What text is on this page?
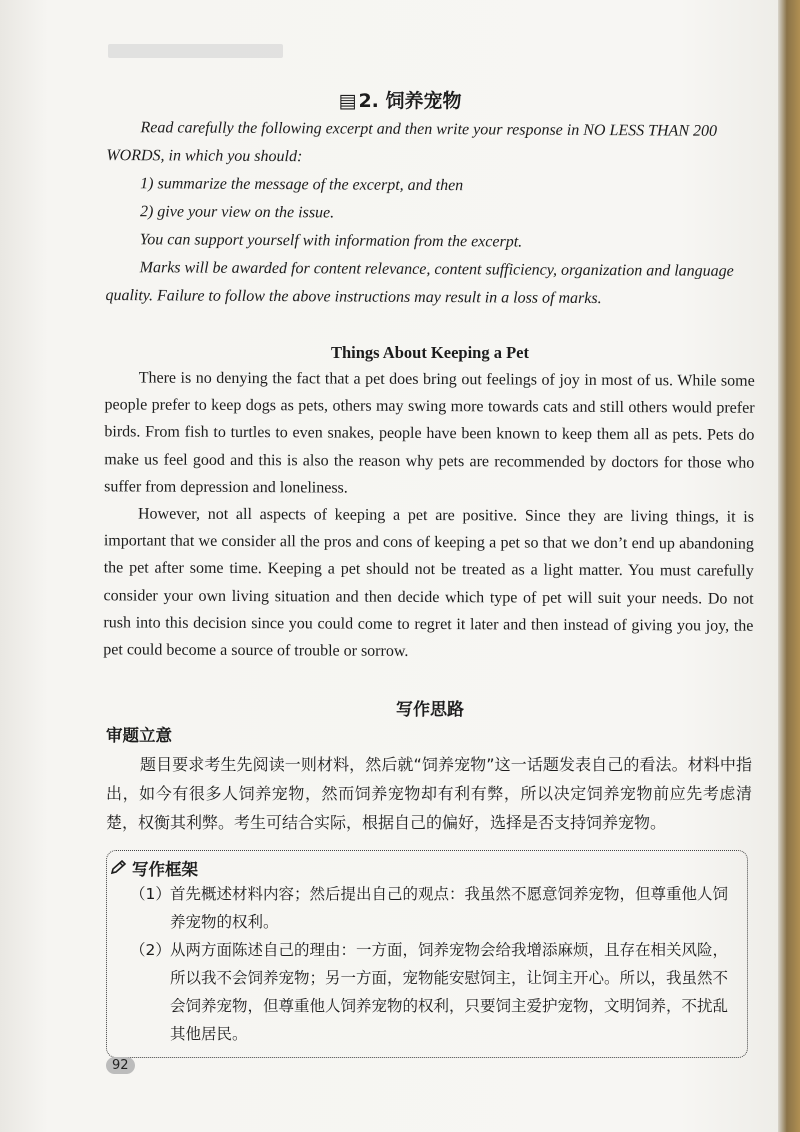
▤ 2. 饲养宠物

Read carefully the following excerpt and then write your response in NO LESS THAN 200 WORDS, in which you should:

1) summarize the message of the excerpt, and then

2) give your view on the issue.

You can support yourself with information from the excerpt.

Marks will be awarded for content relevance, content sufficiency, organization and language quality. Failure to follow the above instructions may result in a loss of marks.

Things About Keeping a Pet

There is no denying the fact that a pet does bring out feelings of joy in most of us. While some people prefer to keep dogs as pets, others may swing more towards cats and still others would prefer birds. From fish to turtles to even snakes, people have been known to keep them all as pets. Pets do make us feel good and this is also the reason why pets are recommended by doctors for those who suffer from depression and loneliness.

However, not all aspects of keeping a pet are positive. Since they are living things, it is important that we consider all the pros and cons of keeping a pet so that we don’t end up abandoning the pet after some time. Keeping a pet should not be treated as a light matter. You must carefully consider your own living situation and then decide which type of pet will suit your needs. Do not rush into this decision since you could come to regret it later and then instead of giving you joy, the pet could become a source of trouble or sorrow.

写作思路
审题立意

题目要求考生先阅读一则材料，然后就“饲养宠物”这一话题发表自己的看法。材料中指出，如今有很多人饲养宠物，然而饲养宠物却有利有弊，所以决定饲养宠物前应先考虑清楚，权衡其利弊。考生可结合实际，根据自己的偏好，选择是否支持饲养宠物。

写作框架
（1） 首先概述材料内容；然后提出自己的观点：我虽然不愿意饲养宠物，但尊重他人饲养宠物的权利。
（2） 从两方面陈述自己的理由：一方面，饲养宠物会给我增添麻烦，且存在相关风险，所以我不会饲养宠物；另一方面，宠物能安慰饲主，让饲主开心。所以，我虽然不会饲养宠物，但尊重他人饲养宠物的权利，只要饲主爱护宠物，文明饲养，不扰乱其他居民。
92
